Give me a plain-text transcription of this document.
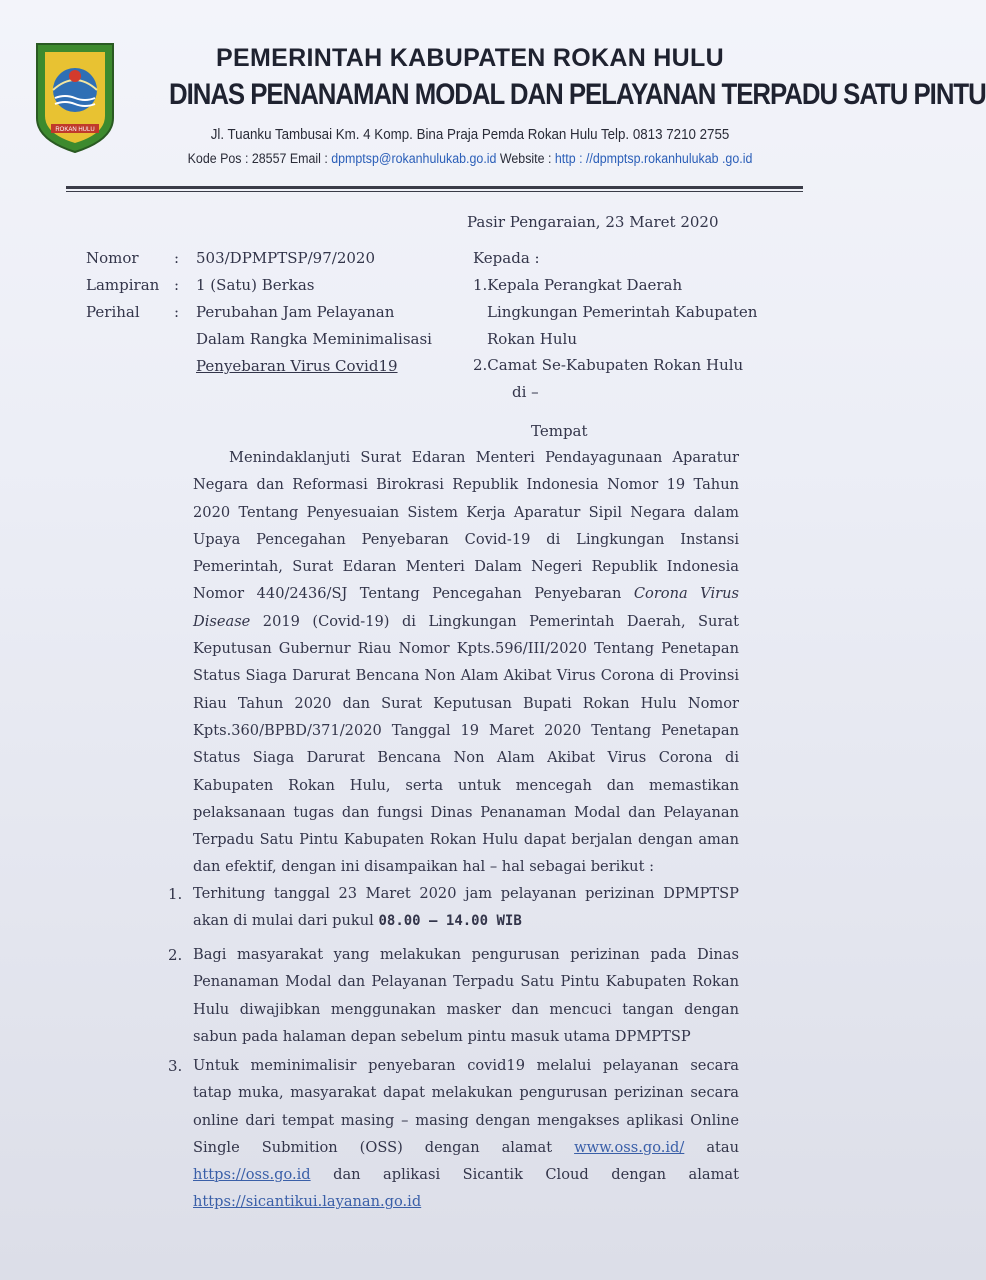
ROKAN HULU
PEMERINTAH KABUPATEN ROKAN HULU
DINAS PENANAMAN MODAL DAN PELAYANAN TERPADU SATU PINTU
Jl. Tuanku Tambusai Km. 4 Komp. Bina Praja Pemda Rokan Hulu Telp. 0813 7210 2755
Kode Pos : 28557 Email : dpmptsp@rokanhulukab.go.id Website : http : //dpmptsp.rokanhulukab .go.id
Pasir Pengaraian, 23 Maret 2020
Nomor : 503/DPMPTSP/97/2020
Lampiran : 1 (Satu) Berkas
Perihal : Perubahan Jam Pelayanan
Dalam Rangka Meminimalisasi
Penyebaran Virus Covid19
Kepada :
1.Kepala Perangkat Daerah
Lingkungan Pemerintah Kabupaten
Rokan Hulu
2.Camat Se-Kabupaten Rokan Hulu
di –
Tempat
Menindaklanjuti Surat Edaran Menteri Pendayagunaan Aparatur
Negara dan Reformasi Birokrasi Republik Indonesia Nomor 19 Tahun
2020 Tentang Penyesuaian Sistem Kerja Aparatur Sipil Negara dalam
Upaya Pencegahan Penyebaran Covid-19 di Lingkungan Instansi
Pemerintah, Surat Edaran Menteri Dalam Negeri Republik Indonesia
Nomor 440/2436/SJ Tentang Pencegahan Penyebaran Corona Virus
Disease 2019 (Covid-19) di Lingkungan Pemerintah Daerah, Surat
Keputusan Gubernur Riau Nomor Kpts.596/III/2020 Tentang Penetapan
Status Siaga Darurat Bencana Non Alam Akibat Virus Corona di Provinsi
Riau Tahun 2020 dan Surat Keputusan Bupati Rokan Hulu Nomor
Kpts.360/BPBD/371/2020 Tanggal 19 Maret 2020 Tentang Penetapan
Status Siaga Darurat Bencana Non Alam Akibat Virus Corona di
Kabupaten Rokan Hulu, serta untuk mencegah dan memastikan
pelaksanaan tugas dan fungsi Dinas Penanaman Modal dan Pelayanan
Terpadu Satu Pintu Kabupaten Rokan Hulu dapat berjalan dengan aman
dan efektif, dengan ini disampaikan hal – hal sebagai berikut :
1. Terhitung tanggal 23 Maret 2020 jam pelayanan perizinan DPMPTSP
akan di mulai dari pukul 08.00 – 14.00 WIB
2. Bagi masyarakat yang melakukan pengurusan perizinan pada Dinas
Penanaman Modal dan Pelayanan Terpadu Satu Pintu Kabupaten Rokan
Hulu diwajibkan menggunakan masker dan mencuci tangan dengan
sabun pada halaman depan sebelum pintu masuk utama DPMPTSP
3. Untuk meminimalisir penyebaran covid19 melalui pelayanan secara
tatap muka, masyarakat dapat melakukan pengurusan perizinan secara
online dari tempat masing – masing dengan mengakses aplikasi Online
Single Submition (OSS) dengan alamat www.oss.go.id/ atau
https://oss.go.id dan aplikasi Sicantik Cloud dengan alamat
https://sicantikui.layanan.go.id
